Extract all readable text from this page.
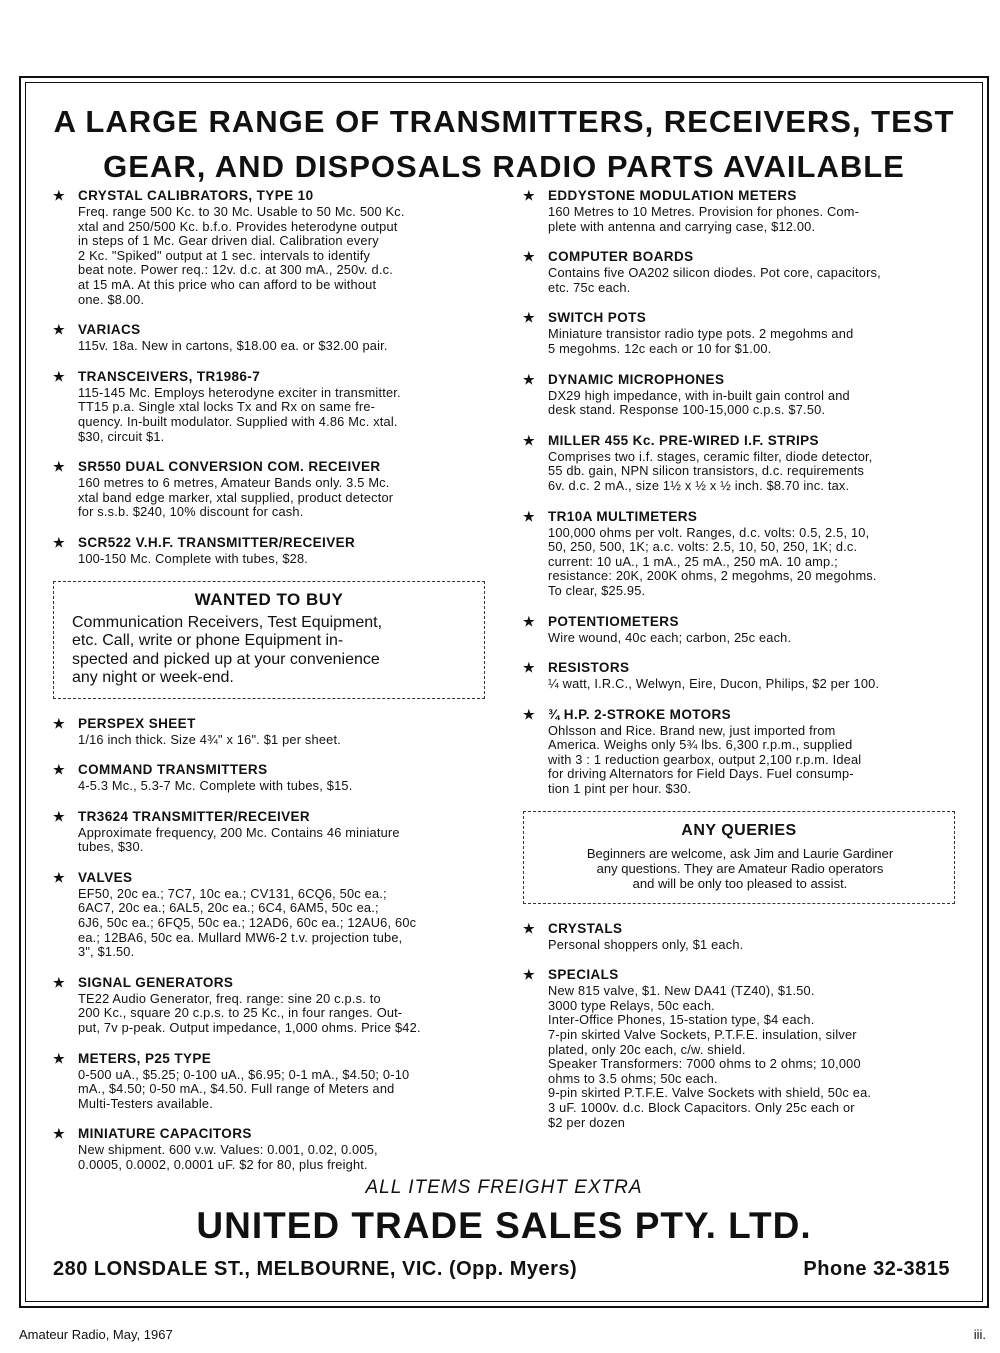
A LARGE RANGE OF TRANSMITTERS, RECEIVERS, TEST
GEAR, AND DISPOSALS RADIO PARTS AVAILABLE
★ CRYSTAL CALIBRATORS, TYPE 10
Freq. range 500 Kc. to 30 Mc. Usable to 50 Mc. 500 Kc.
xtal and 250/500 Kc. b.f.o. Provides heterodyne output
in steps of 1 Mc. Gear driven dial. Calibration every
2 Kc. "Spiked" output at 1 sec. intervals to identify
beat note. Power req.: 12v. d.c. at 300 mA., 250v. d.c.
at 15 mA. At this price who can afford to be without
one. $8.00.
★ VARIACS
115v. 18a. New in cartons, $18.00 ea. or $32.00 pair.
★ TRANSCEIVERS, TR1986-7
115-145 Mc. Employs heterodyne exciter in transmitter.
TT15 p.a. Single xtal locks Tx and Rx on same fre-
quency. In-built modulator. Supplied with 4.86 Mc. xtal.
$30, circuit $1.
★ SR550 DUAL CONVERSION COM. RECEIVER
160 metres to 6 metres, Amateur Bands only. 3.5 Mc.
xtal band edge marker, xtal supplied, product detector
for s.s.b. $240, 10% discount for cash.
★ SCR522 V.H.F. TRANSMITTER/RECEIVER
100-150 Mc. Complete with tubes, $28.
WANTED TO BUY
Communication Receivers, Test Equipment,
etc. Call, write or phone Equipment in-
spected and picked up at your convenience
any night or week-end.
★ PERSPEX SHEET
1/16 inch thick. Size 4¾" x 16". $1 per sheet.
★ COMMAND TRANSMITTERS
4-5.3 Mc., 5.3-7 Mc. Complete with tubes, $15.
★ TR3624 TRANSMITTER/RECEIVER
Approximate frequency, 200 Mc. Contains 46 miniature
tubes, $30.
★ VALVES
EF50, 20c ea.; 7C7, 10c ea.; CV131, 6CQ6, 50c ea.;
6AC7, 20c ea.; 6AL5, 20c ea.; 6C4, 6AM5, 50c ea.;
6J6, 50c ea.; 6FQ5, 50c ea.; 12AD6, 60c ea.; 12AU6, 60c
ea.; 12BA6, 50c ea. Mullard MW6-2 t.v. projection tube,
3", $1.50.
★ SIGNAL GENERATORS
TE22 Audio Generator, freq. range: sine 20 c.p.s. to
200 Kc., square 20 c.p.s. to 25 Kc., in four ranges. Out-
put, 7v p-peak. Output impedance, 1,000 ohms. Price $42.
★ METERS, P25 TYPE
0-500 uA., $5.25; 0-100 uA., $6.95; 0-1 mA., $4.50; 0-10
mA., $4.50; 0-50 mA., $4.50. Full range of Meters and
Multi-Testers available.
★ MINIATURE CAPACITORS
New shipment. 600 v.w. Values: 0.001, 0.02, 0.005,
0.0005, 0.0002, 0.0001 uF. $2 for 80, plus freight.
★ EDDYSTONE MODULATION METERS
160 Metres to 10 Metres. Provision for phones. Com-
plete with antenna and carrying case, $12.00.
★ COMPUTER BOARDS
Contains five OA202 silicon diodes. Pot core, capacitors,
etc. 75c each.
★ SWITCH POTS
Miniature transistor radio type pots. 2 megohms and
5 megohms. 12c each or 10 for $1.00.
★ DYNAMIC MICROPHONES
DX29 high impedance, with in-built gain control and
desk stand. Response 100-15,000 c.p.s. $7.50.
★ MILLER 455 Kc. PRE-WIRED I.F. STRIPS
Comprises two i.f. stages, ceramic filter, diode detector,
55 db. gain, NPN silicon transistors, d.c. requirements
6v. d.c. 2 mA., size 1½ x ½ x ½ inch. $8.70 inc. tax.
★ TR10A MULTIMETERS
100,000 ohms per volt. Ranges, d.c. volts: 0.5, 2.5, 10,
50, 250, 500, 1K; a.c. volts: 2.5, 10, 50, 250, 1K; d.c.
current: 10 uA., 1 mA., 25 mA., 250 mA. 10 amp.;
resistance: 20K, 200K ohms, 2 megohms, 20 megohms.
To clear, $25.95.
★ POTENTIOMETERS
Wire wound, 40c each; carbon, 25c each.
★ RESISTORS
¼ watt, I.R.C., Welwyn, Eire, Ducon, Philips, $2 per 100.
★ ¾ H.P. 2-STROKE MOTORS
Ohlsson and Rice. Brand new, just imported from
America. Weighs only 5¾ lbs. 6,300 r.p.m., supplied
with 3 : 1 reduction gearbox, output 2,100 r.p.m. Ideal
for driving Alternators for Field Days. Fuel consump-
tion 1 pint per hour. $30.
ANY QUERIES
Beginners are welcome, ask Jim and Laurie Gardiner
any questions. They are Amateur Radio operators
and will be only too pleased to assist.
★ CRYSTALS
Personal shoppers only, $1 each.
★ SPECIALS
New 815 valve, $1. New DA41 (TZ40), $1.50.
3000 type Relays, 50c each.
Inter-Office Phones, 15-station type, $4 each.
7-pin skirted Valve Sockets, P.T.F.E. insulation, silver
plated, only 20c each, c/w. shield.
Speaker Transformers: 7000 ohms to 2 ohms; 10,000
ohms to 3.5 ohms; 50c each.
9-pin skirted P.T.F.E. Valve Sockets with shield, 50c ea.
3 uF. 1000v. d.c. Block Capacitors. Only 25c each or
$2 per dozen
ALL ITEMS FREIGHT EXTRA
UNITED TRADE SALES PTY. LTD.
280 LONSDALE ST., MELBOURNE, VIC. (Opp. Myers)	Phone 32-3815
Amateur Radio, May, 1967	iii.
